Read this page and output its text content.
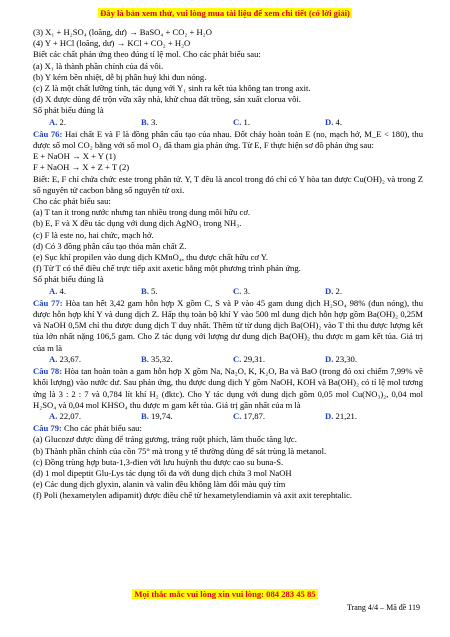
Đây là bản xem thử, vui lòng mua tài liệu để xem chi tiết (có lời giải)
(3) X₁ + H₂SO₄ (loãng, dư) → BaSO₄ + CO₂ + H₂O
(4) Y + HCl (loãng, dư) → KCl + CO₂ + H₂O
Biết các chất phản ứng theo đúng tỉ lệ mol. Cho các phát biểu sau:
(a) X₁ là thành phần chính của đá vôi.
(b) Y kém bền nhiệt, dễ bị phân huỷ khi đun nóng.
(c) Z là một chất lưỡng tính, tác dụng với Y₁ sinh ra kết tủa không tan trong axit.
(d) X được dùng để trộn vữa xây nhà, khử chua đất trồng, sản xuất clorua vôi.
Số phát biểu đúng là
A. 2.	B. 3.	C. 1.	D. 4.
Câu 76: Hai chất E và F là đồng phân cấu tạo của nhau. Đốt cháy hoàn toàn E (no, mạch hở, M_E < 180), thu được số mol CO₂ bằng với số mol O₂ đã tham gia phản ứng. Từ E, F thực hiện sơ đồ phản ứng sau:
E + NaOH → X + Y (1)
F + NaOH → X + Z + T (2)
Biết: E, F chỉ chứa chức este trong phân tử. Y, T đều là ancol trong đó chỉ có Y hòa tan được Cu(OH)₂ và trong Z số nguyên tử cacbon bằng số nguyên tử oxi.
Cho các phát biểu sau:
(a) T tan ít trong nước nhưng tan nhiều trong dung môi hữu cơ.
(b) E, F và X đều tác dụng với dung dịch AgNO₃ trong NH₃.
(c) F là este no, hai chức, mạch hở.
(d) Có 3 đồng phân cấu tạo thỏa mãn chất Z.
(e) Sục khí propilen vào dung dịch KMnO₄, thu được chất hữu cơ Y.
(f) Từ T có thể điều chế trực tiếp axit axetic bằng một phương trình phản ứng.
Số phát biểu đúng là
A. 4.	B. 5.	C. 3.	D. 2.
Câu 77: Hòa tan hết 3,42 gam hỗn hợp X gồm C, S và P vào 45 gam dung dịch H₂SO₄ 98% (đun nóng), thu được hỗn hợp khí Y và dung dịch Z. Hấp thụ toàn bộ khí Y vào 500 ml dung dịch hỗn hợp gồm Ba(OH)₂ 0,25M và NaOH 0,5M chỉ thu được dung dịch T duy nhất. Thêm từ từ dung dịch Ba(OH)₂ vào T thì thu được lượng kết tủa lớn nhất nặng 106,5 gam. Cho Z tác dụng với lượng dư dung dịch Ba(OH)₂ thu được m gam kết tủa. Giá trị của m là
A. 23,67.	B. 35,32.	C. 29,31.	D. 23,30.
Câu 78: Hòa tan hoàn toàn a gam hỗn hợp X gồm Na, Na₂O, K, K₂O, Ba và BaO (trong đó oxi chiếm 7,99% về khối lượng) vào nước dư. Sau phản ứng, thu được dung dịch Y gồm NaOH, KOH và Ba(OH)₂ có tỉ lệ mol tương ứng là 3 : 2 : 7 và 0,784 lít khí H₂ (đktc). Cho Y tác dụng với dung dịch gồm 0,05 mol Cu(NO₃)₂, 0,04 mol H₂SO₄ và 0,04 mol KHSO₄ thu được m gam kết tủa. Giá trị gần nhất của m là
A. 22,07.	B. 19,74.	C. 17,87.	D. 21,21.
Câu 79: Cho các phát biểu sau:
(a) Glucozơ được dùng để tráng gương, tráng ruột phích, làm thuốc tăng lực.
(b) Thành phần chính của cồn 75° mà trong y tế thường dùng để sát trùng là metanol.
(c) Đồng trùng hợp buta-1,3-đien với lưu huỳnh thu được cao su buna-S.
(d) 1 mol đipeptit Glu-Lys tác dụng tối đa với dung dịch chứa 3 mol NaOH
(e) Các dung dịch glyxin, alanin và valin đều không làm đổi màu quỳ tím
(f) Poli (hexametylen ađipamit) được điều chế từ hexametylendiamin và axit axit terephtalic.
Mọi thắc mắc vui lòng xin vui lòng: 084 283 45 85
Trang 4/4 – Mã đề 119
